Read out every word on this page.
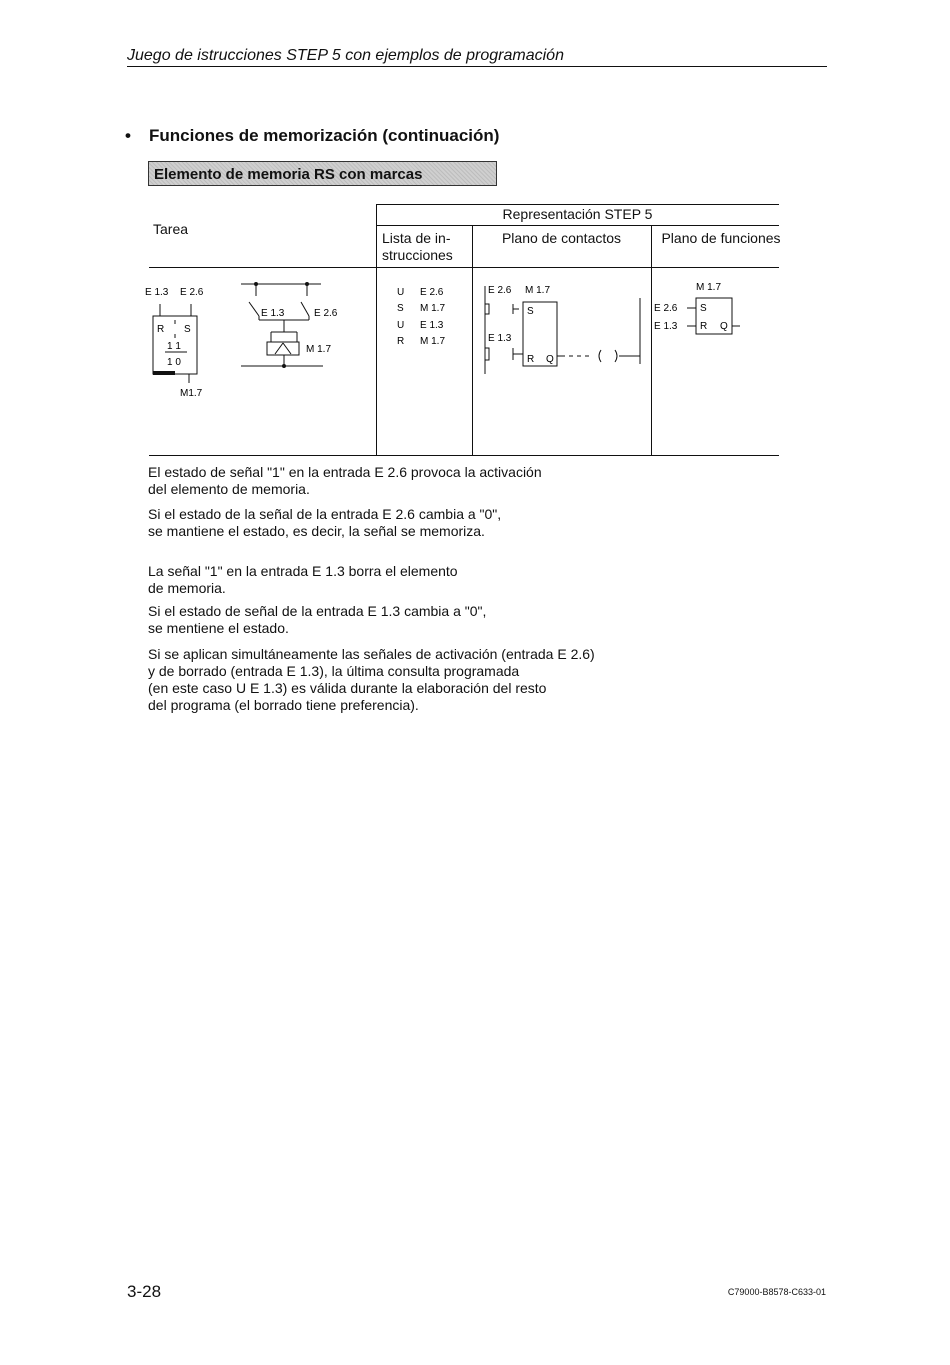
Juego de istrucciones STEP 5 con ejemplos de programación
• Funciones de memorización (continuación)
Elemento de memoria RS con marcas
Tarea
Representación STEP 5
Lista de in-
strucciones
Plano de contactos	Plano de funciones
E 1.3 E 2.6
R S
1 1
1 0
M1.7
E 1.3	E 2.6
M 1.7
U E 2.6
S M 1.7
U E 1.3
R M 1.7
E 2.6 M 1.7
S
E 1.3
R Q
M 1.7
E 2.6 S
E 1.3 R Q
El estado de señal "1" en la entrada E 2.6 provoca la activación
del elemento de memoria.
Si el estado de la señal de la entrada E 2.6 cambia a "0",
se mantiene el estado, es decir, la señal se memoriza.
La señal "1" en la entrada E 1.3 borra el elemento
de memoria.
Si el estado de señal de la entrada E 1.3 cambia a "0",
se mentiene el estado.
Si se aplican simultáneamente las señales de activación (entrada E 2.6)
y de borrado (entrada E 1.3), la última consulta programada
(en este caso U E 1.3) es válida durante la elaboración del resto
del programa (el borrado tiene preferencia).
3-28	C79000-B8578-C633-01
